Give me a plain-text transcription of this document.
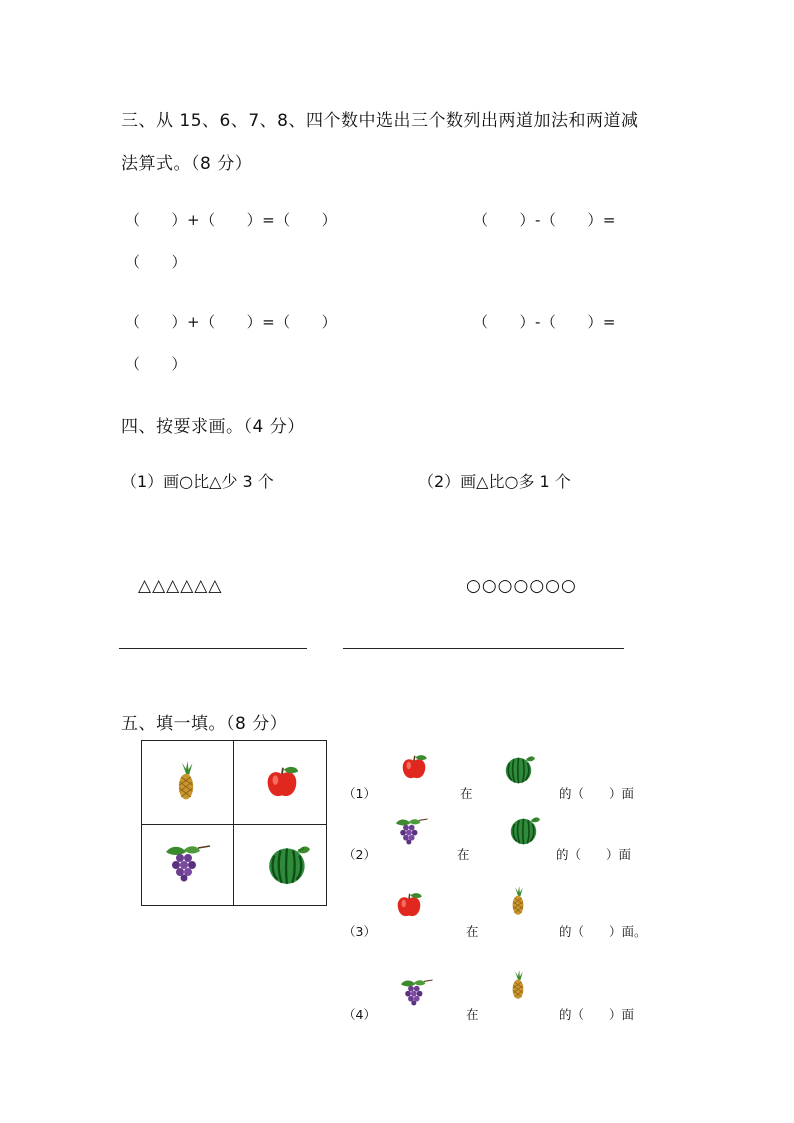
三、从 15、6、7、8、四个数中选出三个数列出两道加法和两道减
法算式。（8 分）
（　　）+（　　）=（　　）	（　　）-（　　）=
（　　）
（　　）+（　　）=（　　）	（　　）-（　　）=
（　　）
四、按要求画。（4 分）
（1）画○比△少 3 个	（2）画△比○多 1 个
△△△△△△	○○○○○○○
五、填一填。（8 分）
（1）	在	的（　　）面
（2）	在	的（　　）面
（3）	在	的（　　）面。
（4）	在	的（　　）面
